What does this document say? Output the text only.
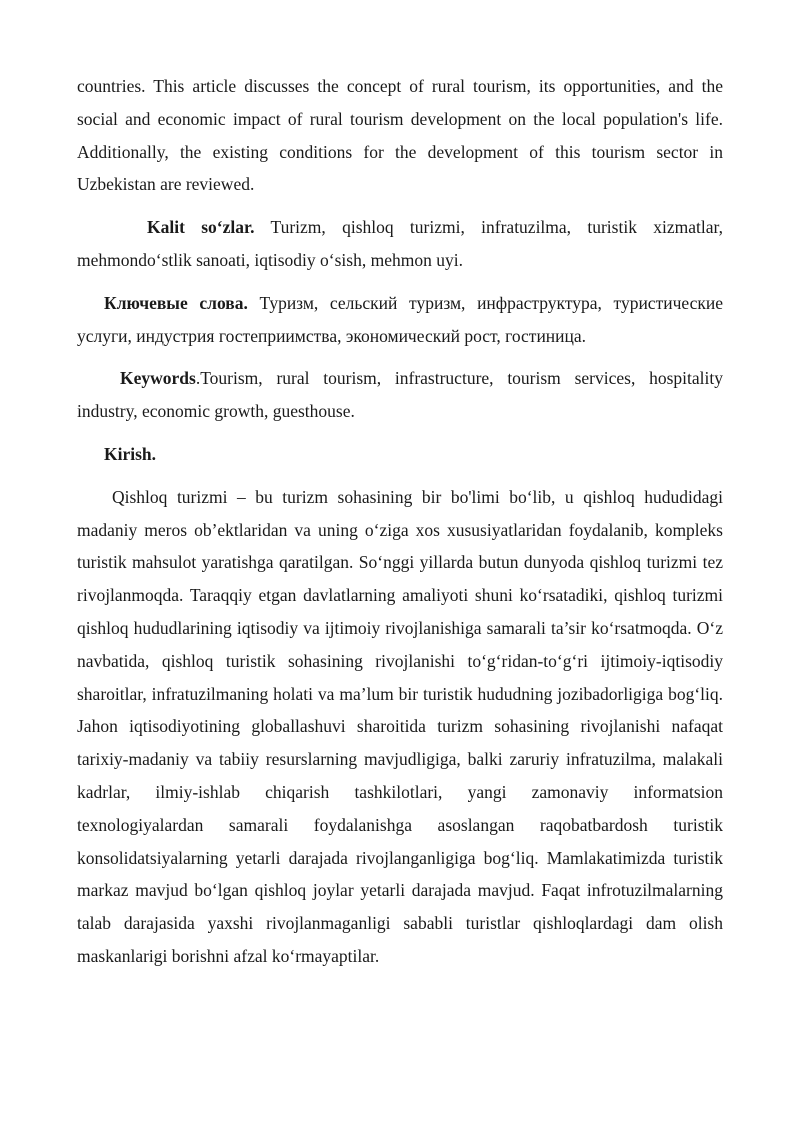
countries. This article discusses the concept of rural tourism, its opportunities, and the social and economic impact of rural tourism development on the local population's life. Additionally, the existing conditions for the development of this tourism sector in Uzbekistan are reviewed.

Kalit so‘zlar. Turizm, qishloq turizmi, infratuzilma, turistik xizmatlar, mehmondo‘stlik sanoati, iqtisodiy o‘sish, mehmon uyi.

Ключевые слова. Туризм, сельский туризм, инфраструктура, туристические услуги, индустрия гостеприимства, экономический рост, гостиница.

Keywords.Tourism, rural tourism, infrastructure, tourism services, hospitality industry, economic growth, guesthouse.

Kirish.

Qishloq turizmi – bu turizm sohasining bir bo'limi bo‘lib, u qishloq hududidagi madaniy meros ob’ektlaridan va uning o‘ziga xos xususiyatlaridan foydalanib, kompleks turistik mahsulot yaratishga qaratilgan. So‘nggi yillarda butun dunyoda qishloq turizmi tez rivojlanmoqda. Taraqqiy etgan davlatlarning amaliyoti shuni ko‘rsatadiki, qishloq turizmi qishloq hududlarining iqtisodiy va ijtimoiy rivojlanishiga samarali ta’sir ko‘rsatmoqda. O‘z navbatida, qishloq turistik sohasining rivojlanishi to‘g‘ridan-to‘g‘ri ijtimoiy-iqtisodiy sharoitlar, infratuzilmaning holati va ma’lum bir turistik hududning jozibadorligiga bog‘liq. Jahon iqtisodiyotining globallashuvi sharoitida turizm sohasining rivojlanishi nafaqat tarixiy-madaniy va tabiiy resurslarning mavjudligiga, balki zaruriy infratuzilma, malakali kadrlar, ilmiy-ishlab chiqarish tashkilotlari, yangi zamonaviy informatsion texnologiyalardan samarali foydalanishga asoslangan raqobatbardosh turistik konsolidatsiyalarning yetarli darajada rivojlanganligiga bog‘liq. Mamlakatimizda turistik markaz mavjud bo‘lgan qishloq joylar yetarli darajada mavjud. Faqat infrotuzilmalarning talab darajasida yaxshi rivojlanmaganligi sababli turistlar qishloqlardagi dam olish maskanlarigi borishni afzal ko‘rmayaptilar.
